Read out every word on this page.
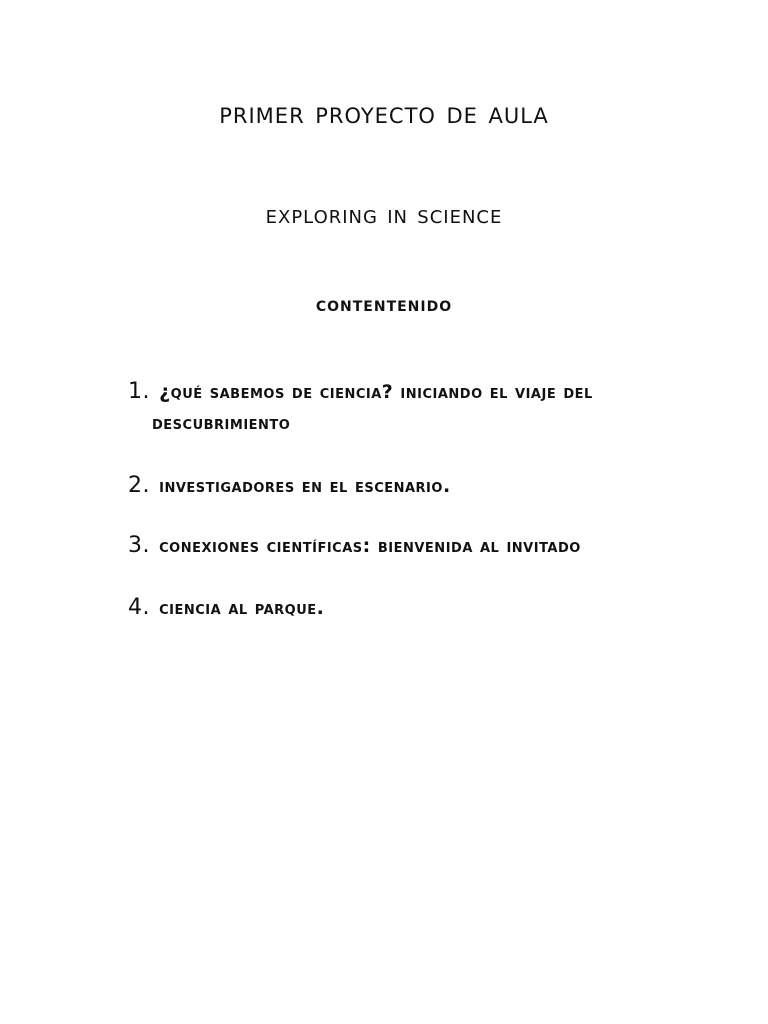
primer proyecto de aula
exploring in science
contentenido
1. ¿qué sabemos de ciencia? iniciando el viaje del
descubrimiento
2. investigadores en el escenario.
3. conexiones científicas: bienvenida al invitado
4. ciencia al parque.
